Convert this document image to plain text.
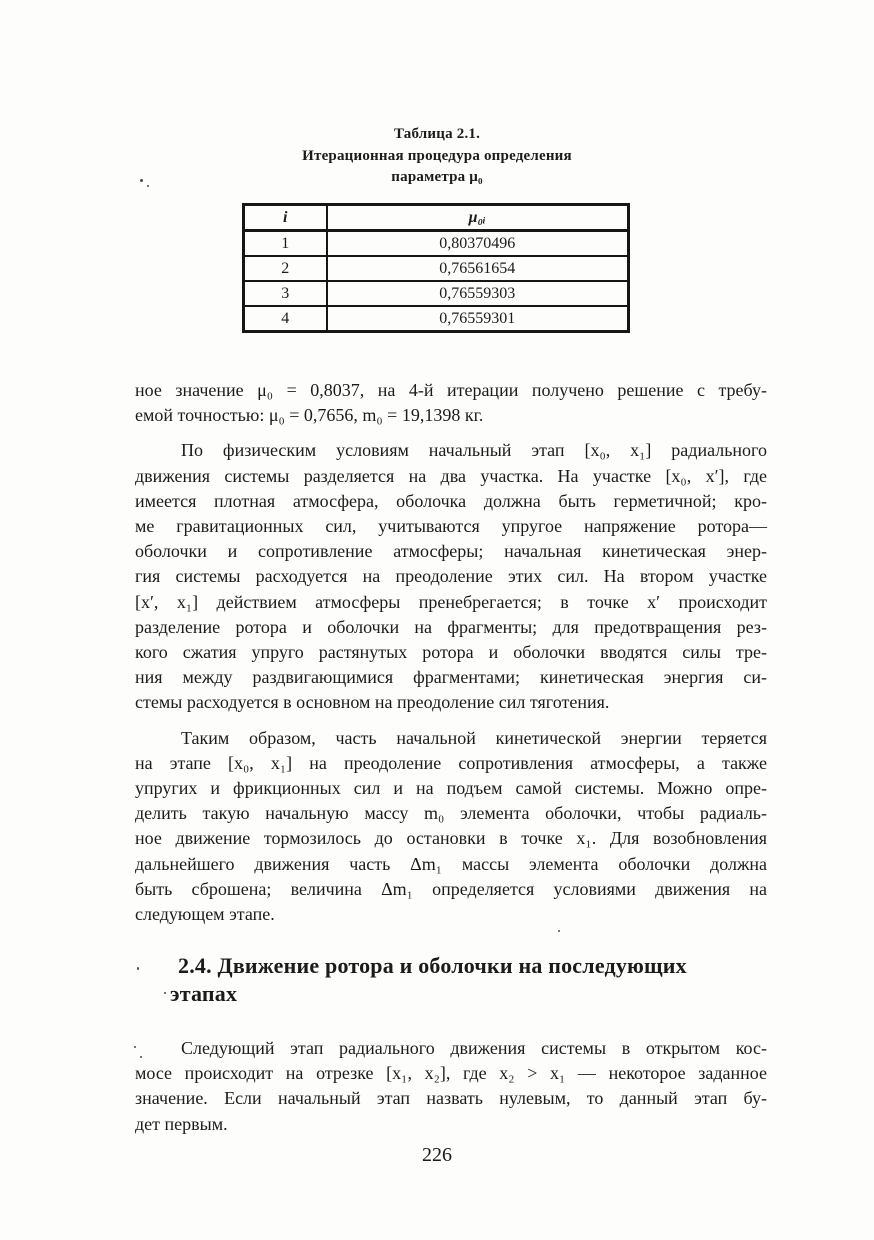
Таблица 2.1.
Итерационная процедура определения
параметра μ₀
i	μ₀ᵢ
1	0,80370496
2	0,76561654
3	0,76559303
4	0,76559301
ное значение μ₀ = 0,8037, на 4-й итерации получено решение с требу-
емой точностью: μ₀ = 0,7656, m₀ = 19,1398 кг.
По физическим условиям начальный этап [x₀, x₁] радиального
движения системы разделяется на два участка. На участке [x₀, x′], где
имеется плотная атмосфера, оболочка должна быть герметичной; кро-
ме гравитационных сил, учитываются упругое напряжение ротора—
оболочки и сопротивление атмосферы; начальная кинетическая энер-
гия системы расходуется на преодоление этих сил. На втором участке
[x′, x₁] действием атмосферы пренебрегается; в точке x′ происходит
разделение ротора и оболочки на фрагменты; для предотвращения рез-
кого сжатия упруго растянутых ротора и оболочки вводятся силы тре-
ния между раздвигающимися фрагментами; кинетическая энергия си-
стемы расходуется в основном на преодоление сил тяготения.
Таким образом, часть начальной кинетической энергии теряется
на этапе [x₀, x₁] на преодоление сопротивления атмосферы, а также
упругих и фрикционных сил и на подъем самой системы. Можно опре-
делить такую начальную массу m₀ элемента оболочки, чтобы радиаль-
ное движение тормозилось до остановки в точке x₁. Для возобновления
дальнейшего движения часть Δm₁ массы элемента оболочки должна
быть сброшена; величина Δm₁ определяется условиями движения на
следующем этапе.
2.4. Движение ротора и оболочки на последующих
этапах
Следующий этап радиального движения системы в открытом кос-
мосе происходит на отрезке [x₁, x₂], где x₂ > x₁ — некоторое заданное
значение. Если начальный этап назвать нулевым, то данный этап бу-
дет первым.
226
